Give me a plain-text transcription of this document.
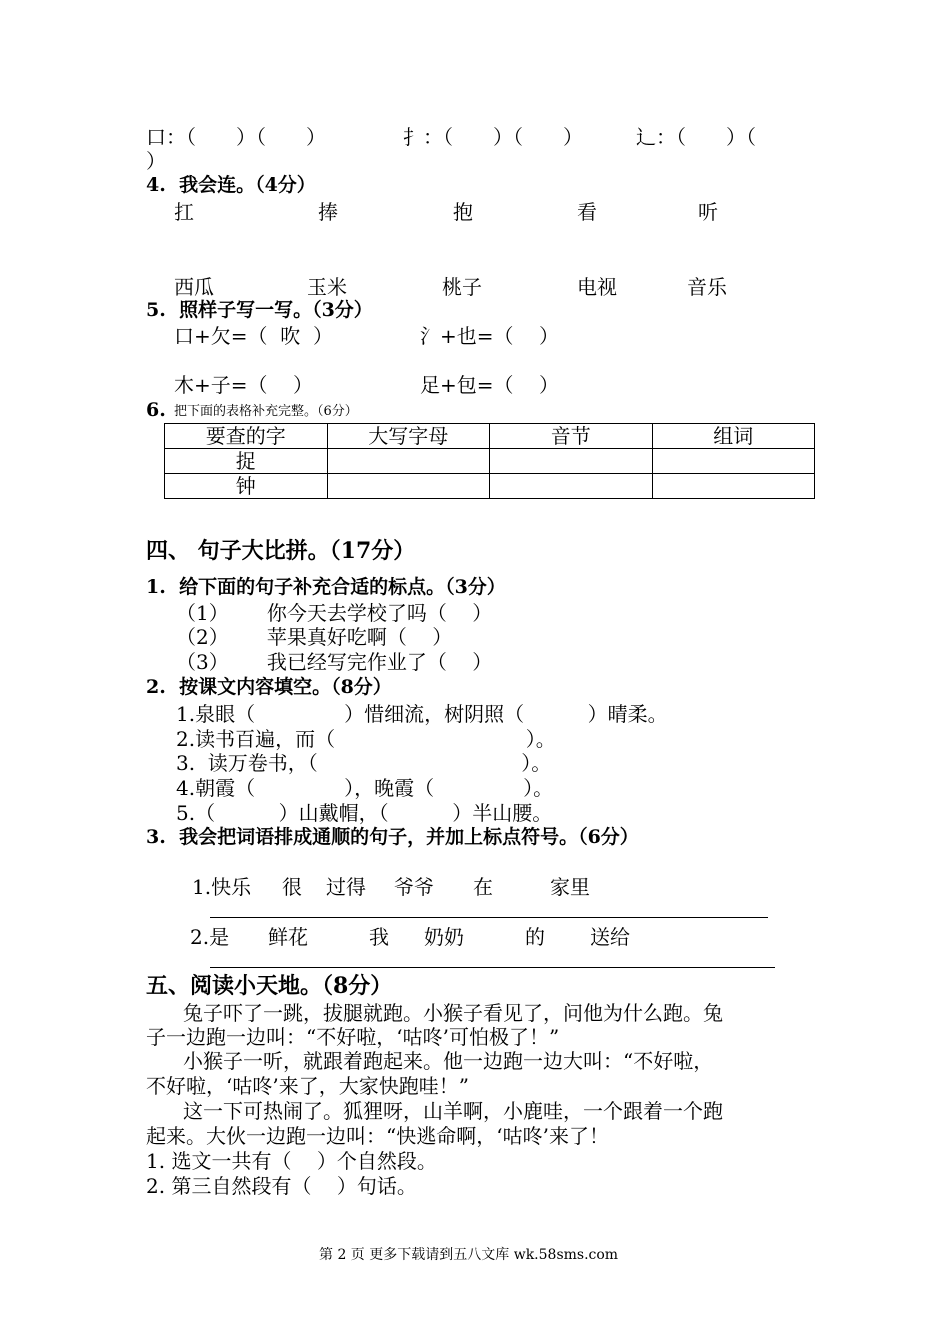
口：（　　）（　　）	扌：（　　）（　　）	辶：（　　）（
）
4.  我会连。（4分）
扛	捧	抱	看	听
西瓜	玉米	桃子	电视	音乐
5.  照样子写一写。（3分）
口+欠=（  吹  ）	氵+也=（    ）
木+子=（    ）	足+包=（    ）
6. 把下面的表格补充完整。（6分）
要查的字	大写字母	音节	组词
捉			
钟			
四、 句子大比拼。（17分）
1.  给下面的句子补充合适的标点。（3分）
（1）      你今天去学校了吗（    ）
（2）      苹果真好吃啊（    ）
（3）      我已经写完作业了（    ）
2.  按课文内容填空。（8分）
1.泉眼（              ）惜细流，树阴照（          ）晴柔。
2.读书百遍，而（                              ）。
3.  读万卷书，（                                ）。
4.朝霞（              ），晚霞（              ）。
5.（          ）山戴帽，（          ）半山腰。
3.  我会把词语排成通顺的句子，并加上标点符号。（6分）
1.快乐 很 过得 爷爷 在	家里
2.是 鲜花	我 奶奶	的 送给
五、阅读小天地。（8分）
兔子吓了一跳，拔腿就跑。小猴子看见了，问他为什么跑。兔
子一边跑一边叫：“不好啦，‘咕咚’可怕极了！”
小猴子一听，就跟着跑起来。他一边跑一边大叫：“不好啦，
不好啦，‘咕咚’来了，大家快跑哇！”
这一下可热闹了。狐狸呀，山羊啊，小鹿哇，一个跟着一个跑
起来。大伙一边跑一边叫：“快逃命啊，‘咕咚’来了！
1. 选文一共有（    ）个自然段。
2. 第三自然段有（    ）句话。
第 2 页 更多下载请到五八文库 wk.58sms.com
